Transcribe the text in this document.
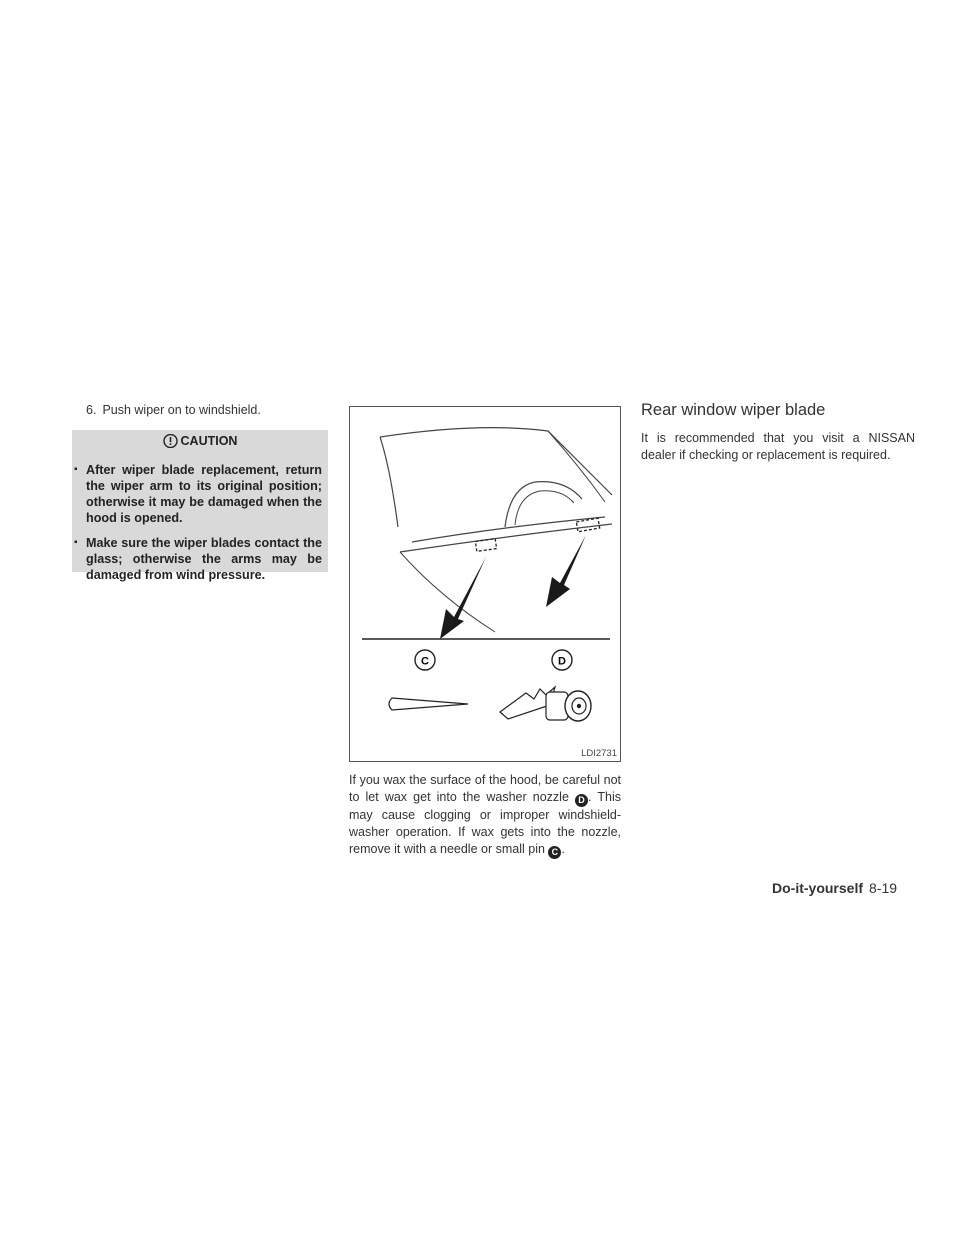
6. Push wiper on to windshield.
CAUTION
▪ After wiper blade replacement, return the wiper arm to its original position; otherwise it may be damaged when the hood is opened.
▪ Make sure the wiper blades contact the glass; otherwise the arms may be damaged from wind pressure.
C	D
LDI2731

If you wax the surface of the hood, be careful not to let wax get into the washer nozzle D . This may cause clogging or improper windshield-washer operation. If wax gets into the nozzle, remove it with a needle or small pin C .

Rear window wiper blade

It is recommended that you visit a NISSAN dealer if checking or replacement is required.

Do-it-yourself 8-19
